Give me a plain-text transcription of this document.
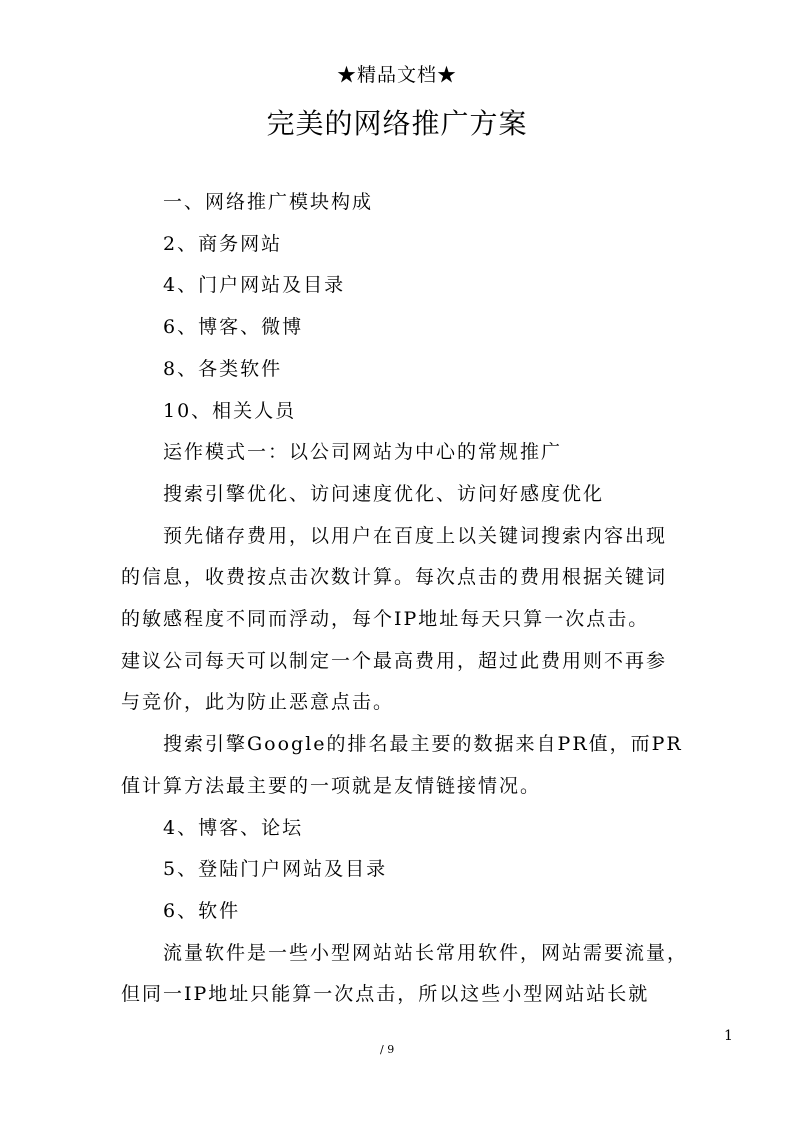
★精品文档★
完美的网络推广方案

一、网络推广模块构成

2、商务网站

4、门户网站及目录

6、博客、微博

8、各类软件

10、相关人员

运作模式一：以公司网站为中心的常规推广

搜索引擎优化、访问速度优化、访问好感度优化

预先储存费用，以用户在百度上以关键词搜索内容出现

的信息，收费按点击次数计算。每次点击的费用根据关键词

的敏感程度不同而浮动，每个IP地址每天只算一次点击。

建议公司每天可以制定一个最高费用，超过此费用则不再参

与竞价，此为防止恶意点击。

搜索引擎Google的排名最主要的数据来自PR值，而PR

值计算方法最主要的一项就是友情链接情况。

4、博客、论坛

5、登陆门户网站及目录

6、软件

流量软件是一些小型网站站长常用软件，网站需要流量，

但同一IP地址只能算一次点击，所以这些小型网站站长就

1
/ 9
